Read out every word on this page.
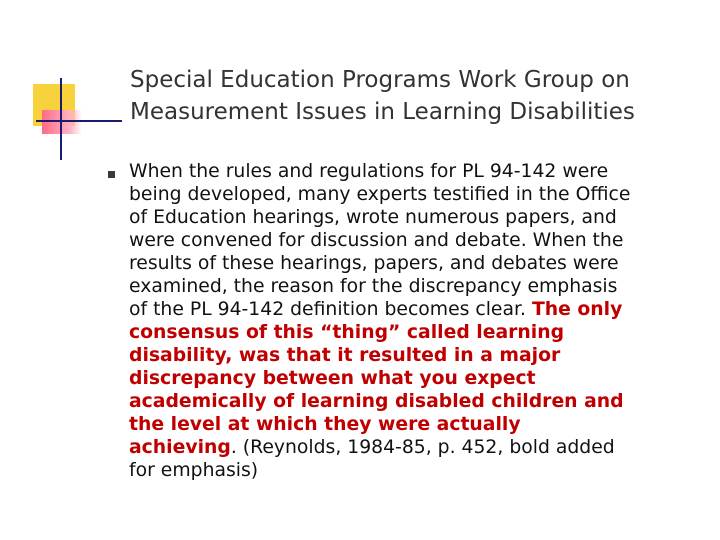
Special Education Programs Work Group on
Measurement Issues in Learning Disabilities

When the rules and regulations for PL 94-142 were
being developed, many experts testified in the Office
of Education hearings, wrote numerous papers, and
were convened for discussion and debate. When the
results of these hearings, papers, and debates were
examined, the reason for the discrepancy emphasis
of the PL 94-142 definition becomes clear. The only
consensus of this “thing” called learning
disability, was that it resulted in a major
discrepancy between what you expect
academically of learning disabled children and
the level at which they were actually
achieving. (Reynolds, 1984-85, p. 452, bold added
for emphasis)
